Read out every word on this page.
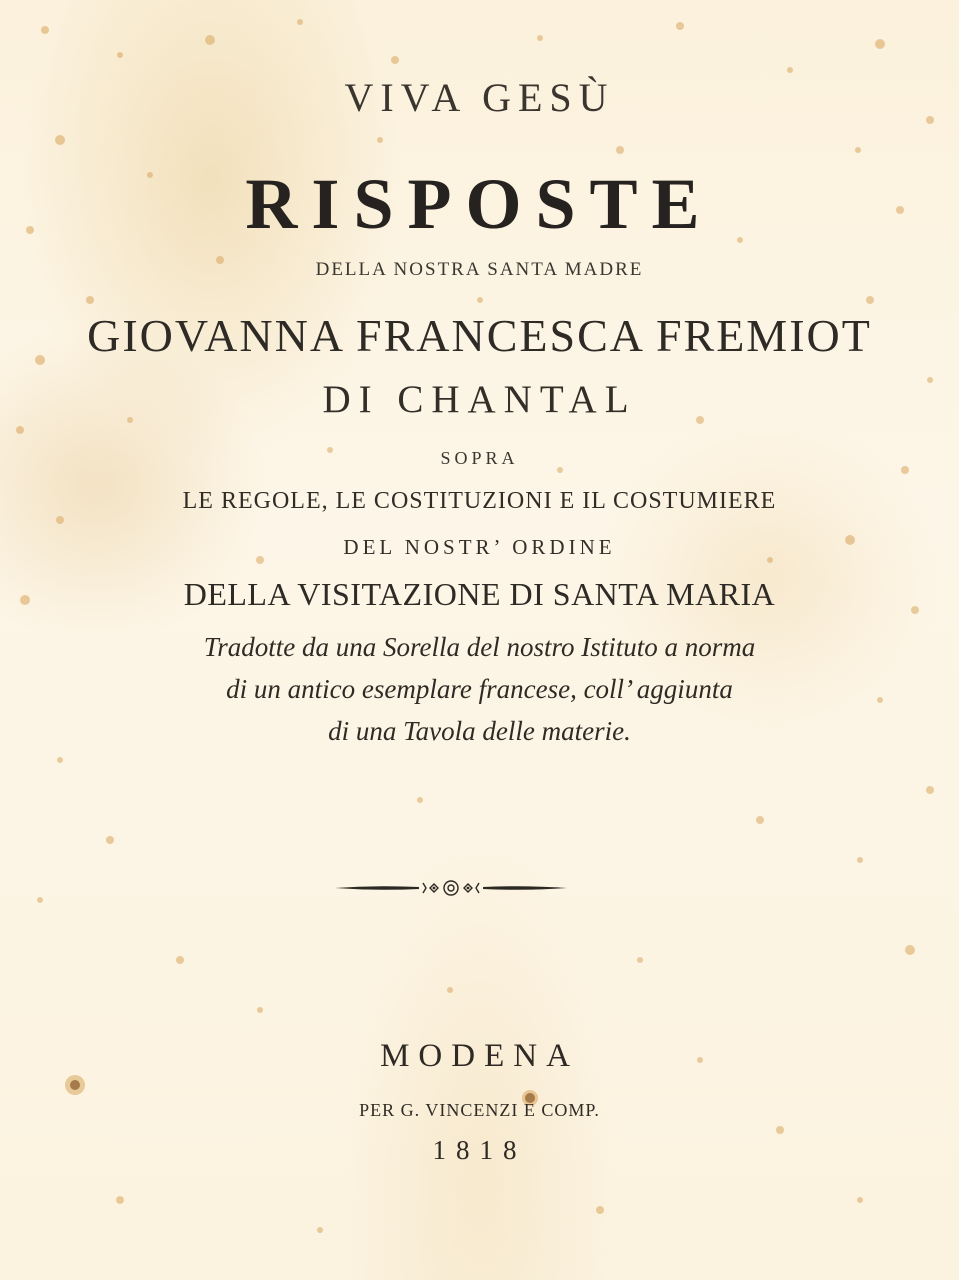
VIVA GESÙ
RISPOSTE
DELLA NOSTRA SANTA MADRE
GIOVANNA FRANCESCA FREMIOT
DI CHANTAL
SOPRA
LE REGOLE, LE COSTITUZIONI E IL COSTUMIERE
DEL NOSTR’ ORDINE
DELLA VISITAZIONE DI SANTA MARIA
Tradotte da una Sorella del nostro Istituto a norma
di un antico esemplare francese, coll’ aggiunta
di una Tavola delle materie.
MODENA
PER G. VINCENZI E COMP.
1818
